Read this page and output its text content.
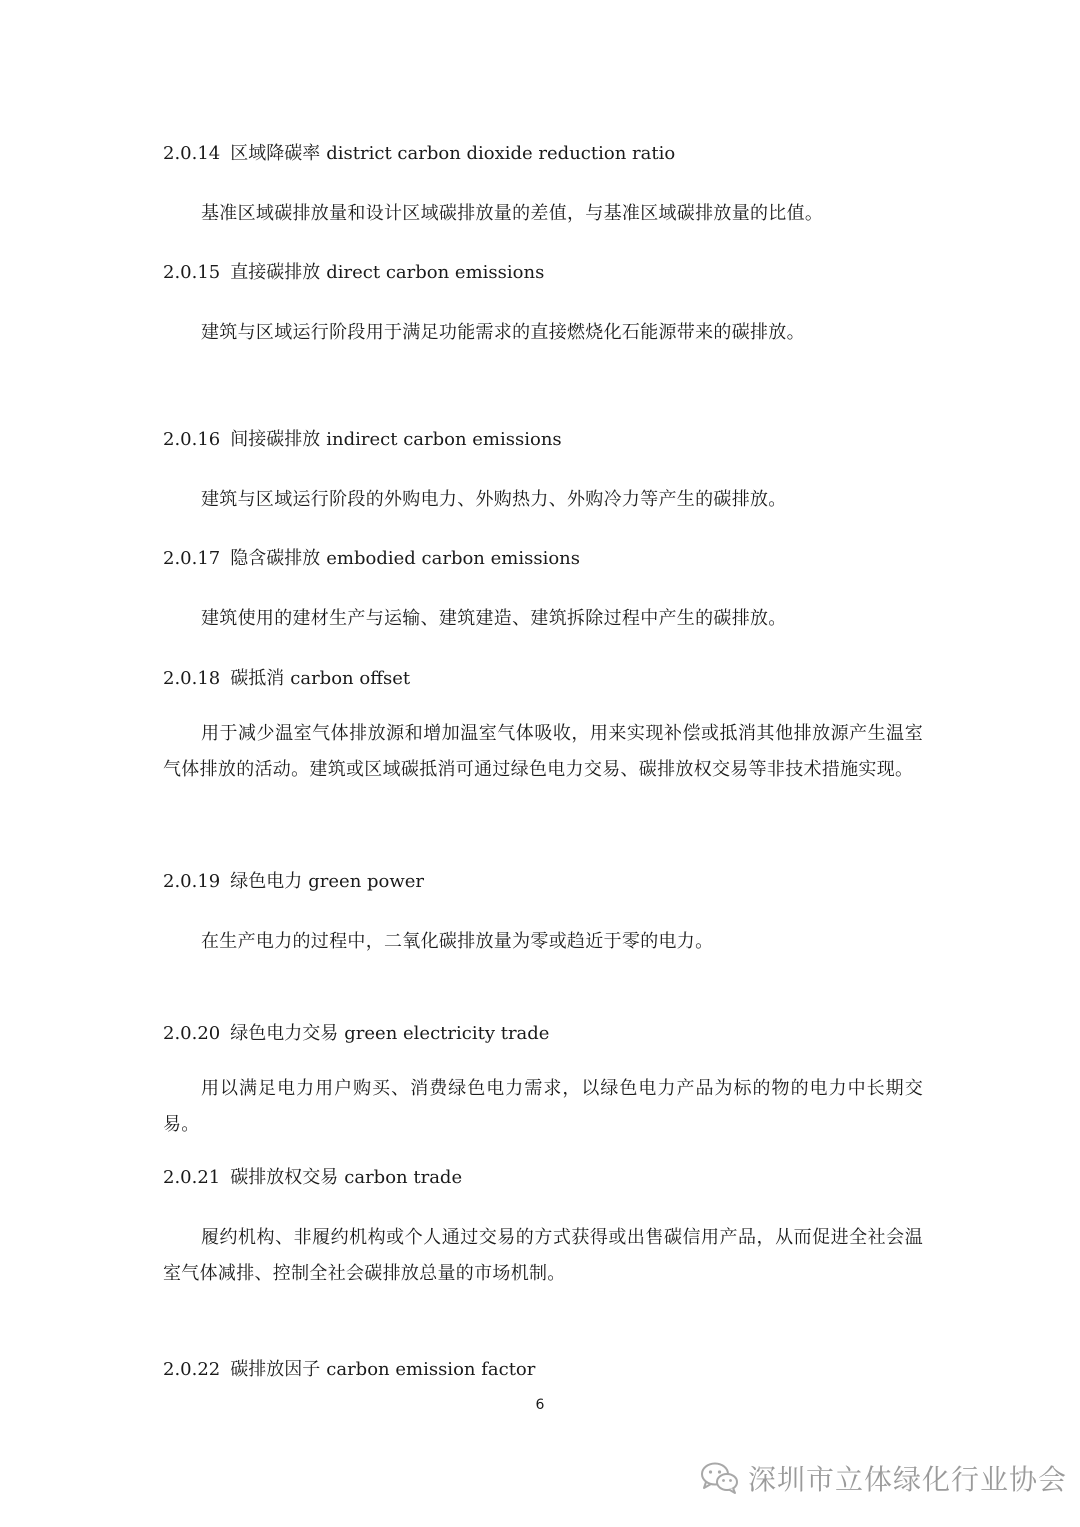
2.0.14 区域降碳率 district carbon dioxide reduction ratio
基准区域碳排放量和设计区域碳排放量的差值，与基准区域碳排放量的比值。
2.0.15 直接碳排放 direct carbon emissions
建筑与区域运行阶段用于满足功能需求的直接燃烧化石能源带来的碳排放。
2.0.16 间接碳排放 indirect carbon emissions
建筑与区域运行阶段的外购电力、外购热力、外购冷力等产生的碳排放。
2.0.17 隐含碳排放 embodied carbon emissions
建筑使用的建材生产与运输、建筑建造、建筑拆除过程中产生的碳排放。
2.0.18 碳抵消 carbon offset
用于减少温室气体排放源和增加温室气体吸收，用来实现补偿或抵消其他排放源产生温室气体排放的活动。建筑或区域碳抵消可通过绿色电力交易、碳排放权交易等非技术措施实现。
2.0.19 绿色电力 green power
在生产电力的过程中，二氧化碳排放量为零或趋近于零的电力。
2.0.20 绿色电力交易 green electricity trade
用以满足电力用户购买、消费绿色电力需求，以绿色电力产品为标的物的电力中长期交易。
2.0.21 碳排放权交易 carbon trade
履约机构、非履约机构或个人通过交易的方式获得或出售碳信用产品，从而促进全社会温室气体减排、控制全社会碳排放总量的市场机制。
2.0.22 碳排放因子 carbon emission factor
6
深圳市立体绿化行业协会
